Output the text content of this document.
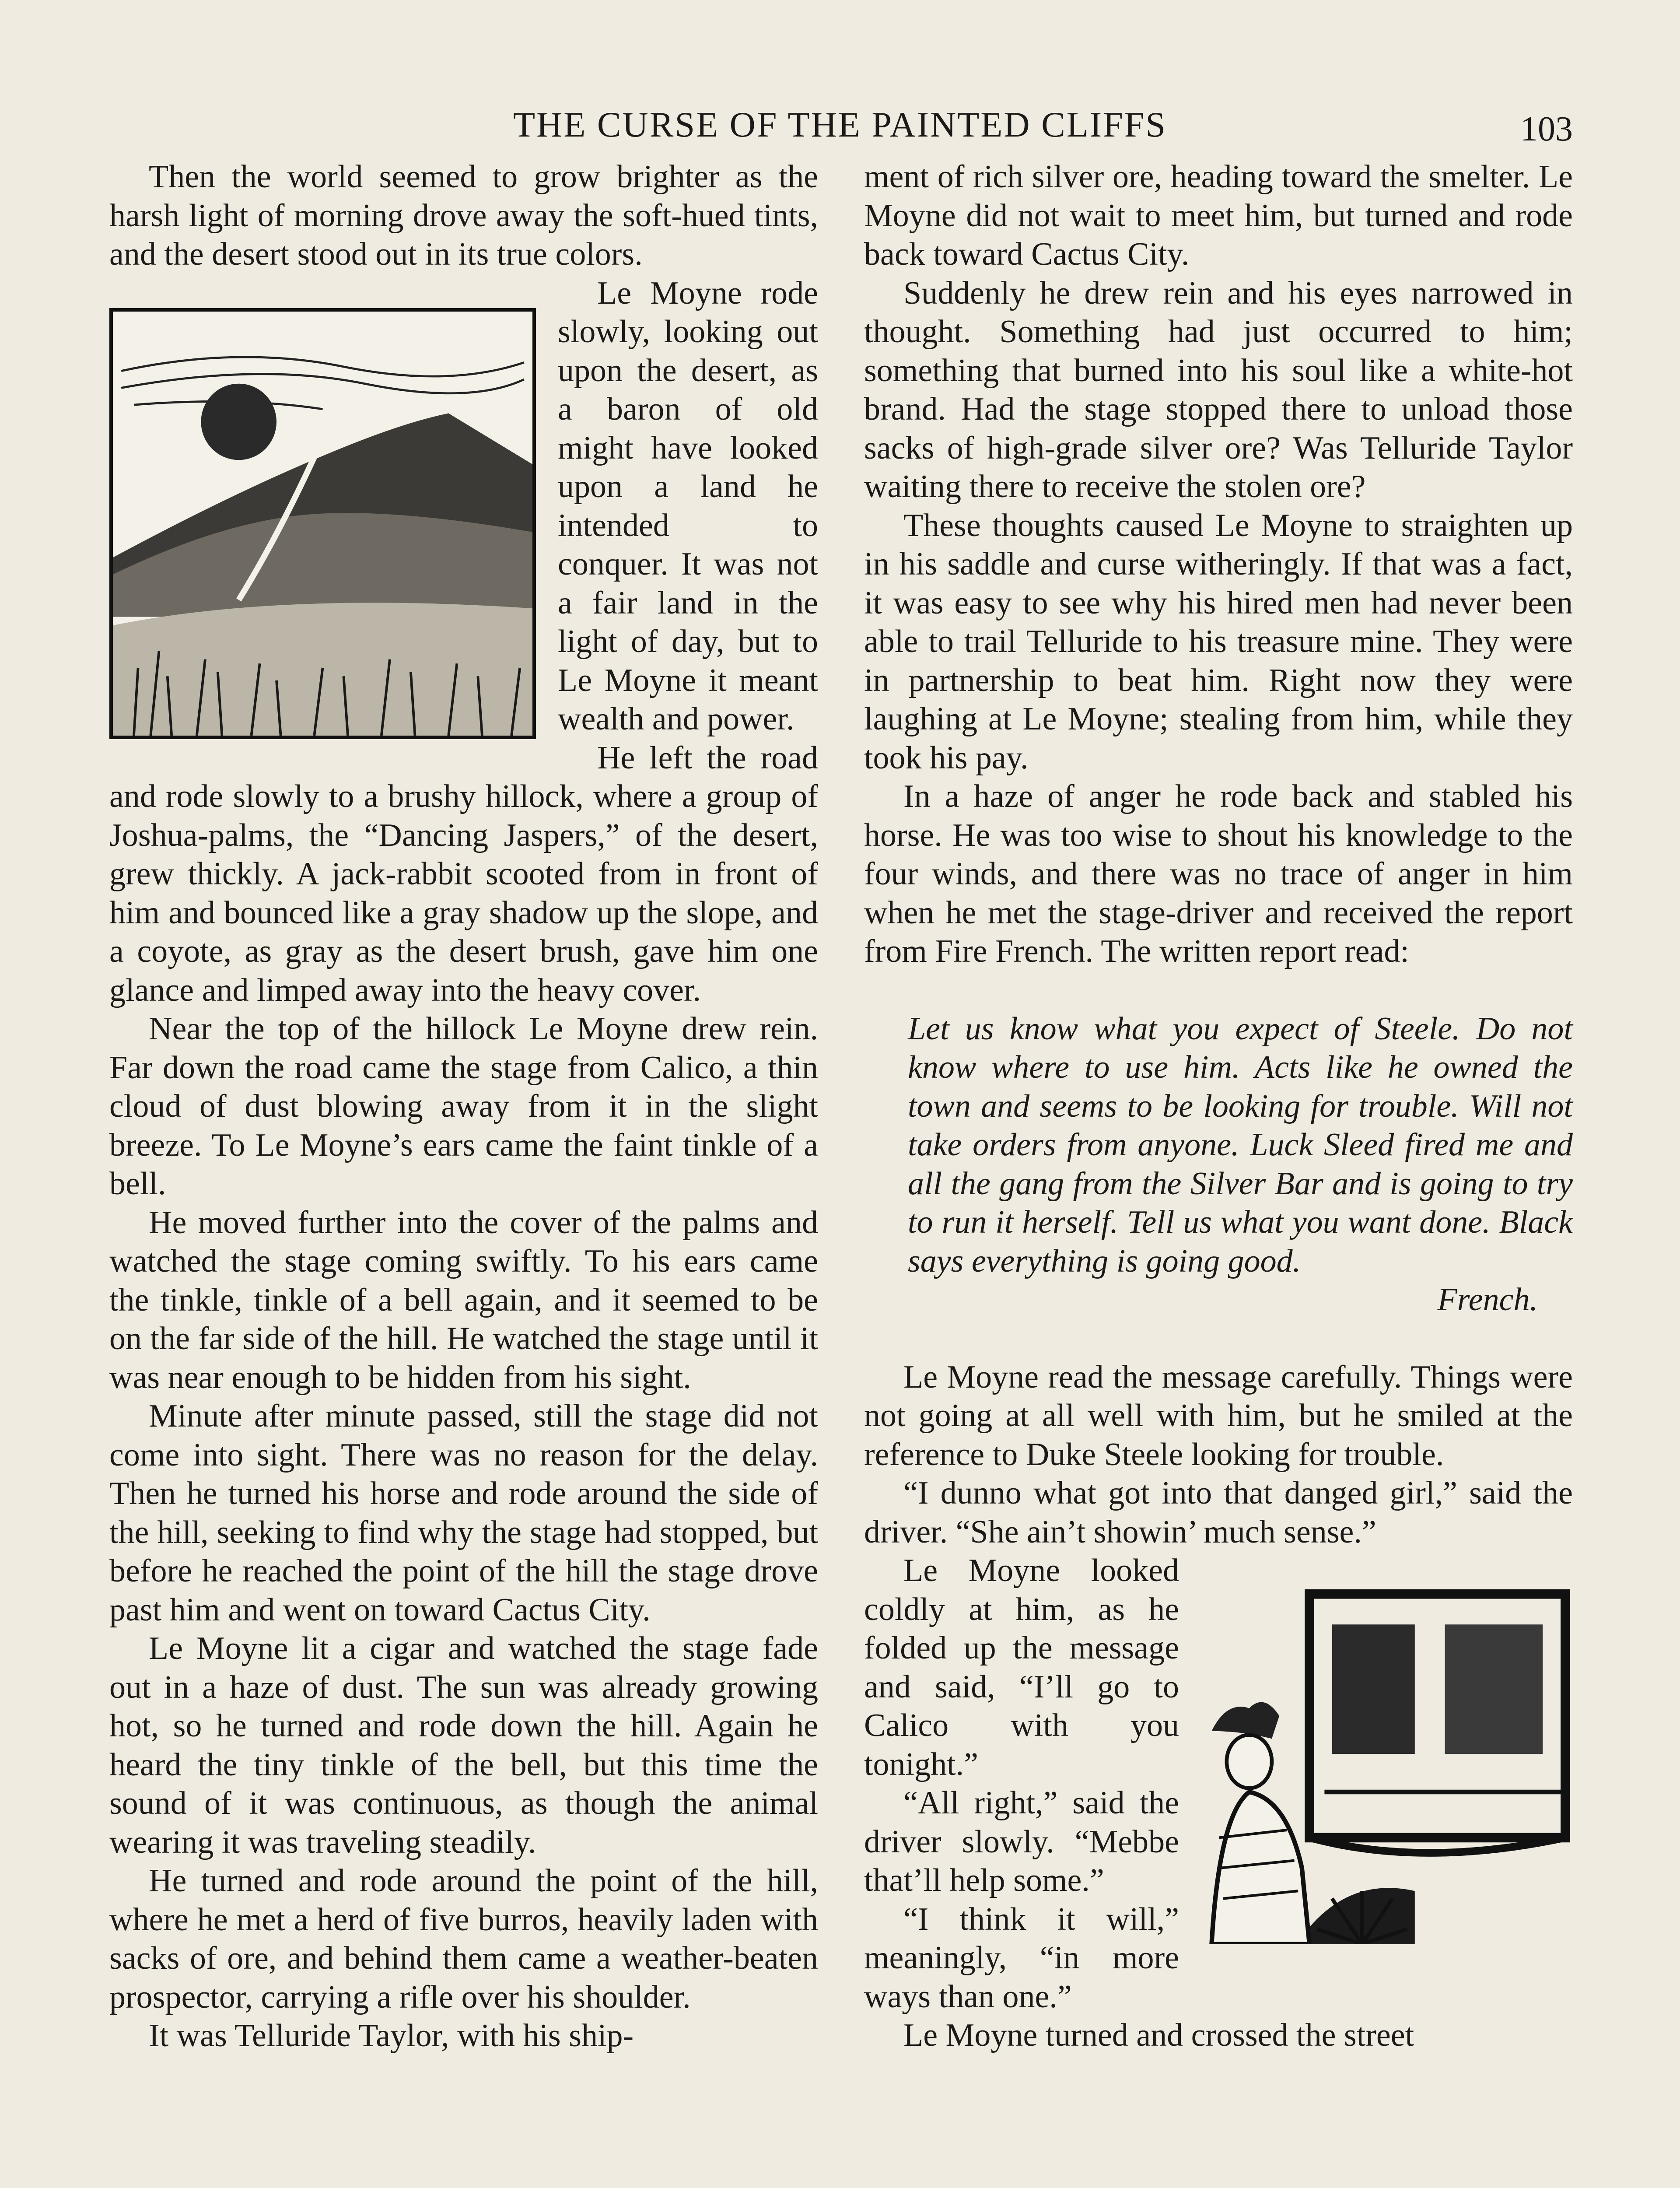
THE CURSE OF THE PAINTED CLIFFS	103

Then the world seemed to grow brighter as the harsh light of morning drove away the soft-hued tints, and the desert stood out in its true colors.

Le Moyne rode slowly, looking out upon the desert, as a baron of old might have looked upon a land he intended to conquer. It was not a fair land in the light of day, but to Le Moyne it meant wealth and power.

He left the road and rode slowly to a brushy hillock, where a group of Joshua-palms, the “Dancing Jaspers,” of the desert, grew thickly. A jack-rabbit scooted from in front of him and bounced like a gray shadow up the slope, and a coyote, as gray as the desert brush, gave him one glance and limped away into the heavy cover.

Near the top of the hillock Le Moyne drew rein. Far down the road came the stage from Calico, a thin cloud of dust blowing away from it in the slight breeze. To Le Moyne’s ears came the faint tinkle of a bell.

He moved further into the cover of the palms and watched the stage coming swiftly. To his ears came the tinkle, tinkle of a bell again, and it seemed to be on the far side of the hill. He watched the stage until it was near enough to be hidden from his sight.

Minute after minute passed, still the stage did not come into sight. There was no reason for the delay. Then he turned his horse and rode around the side of the hill, seeking to find why the stage had stopped, but before he reached the point of the hill the stage drove past him and went on toward Cactus City.

Le Moyne lit a cigar and watched the stage fade out in a haze of dust. The sun was already growing hot, so he turned and rode down the hill. Again he heard the tiny tinkle of the bell, but this time the sound of it was continuous, as though the animal wearing it was traveling steadily.

He turned and rode around the point of the hill, where he met a herd of five burros, heavily laden with sacks of ore, and behind them came a weather-beaten prospector, carrying a rifle over his shoulder.

It was Telluride Taylor, with his ship-

ment of rich silver ore, heading toward the smelter. Le Moyne did not wait to meet him, but turned and rode back toward Cactus City.

Suddenly he drew rein and his eyes narrowed in thought. Something had just occurred to him; something that burned into his soul like a white-hot brand. Had the stage stopped there to unload those sacks of high-grade silver ore? Was Telluride Taylor waiting there to receive the stolen ore?

These thoughts caused Le Moyne to straighten up in his saddle and curse witheringly. If that was a fact, it was easy to see why his hired men had never been able to trail Telluride to his treasure mine. They were in partnership to beat him. Right now they were laughing at Le Moyne; stealing from him, while they took his pay.

In a haze of anger he rode back and stabled his horse. He was too wise to shout his knowledge to the four winds, and there was no trace of anger in him when he met the stage-driver and received the report from Fire French. The written report read:

Let us know what you expect of Steele. Do not know where to use him. Acts like he owned the town and seems to be looking for trouble. Will not take orders from anyone. Luck Sleed fired me and all the gang from the Silver Bar and is going to try to run it herself. Tell us what you want done. Black says everything is going good.

French.

Le Moyne read the message carefully. Things were not going at all well with him, but he smiled at the reference to Duke Steele looking for trouble.

“I dunno what got into that danged girl,” said the driver. “She ain’t showin’ much sense.”

Le Moyne looked coldly at him, as he folded up the message and said, “I’ll go to Calico with you tonight.”

“All right,” said the driver slowly. “Mebbe that’ll help some.”

“I think it will,” meaningly, “in more ways than one.”

Le Moyne turned and crossed the street
